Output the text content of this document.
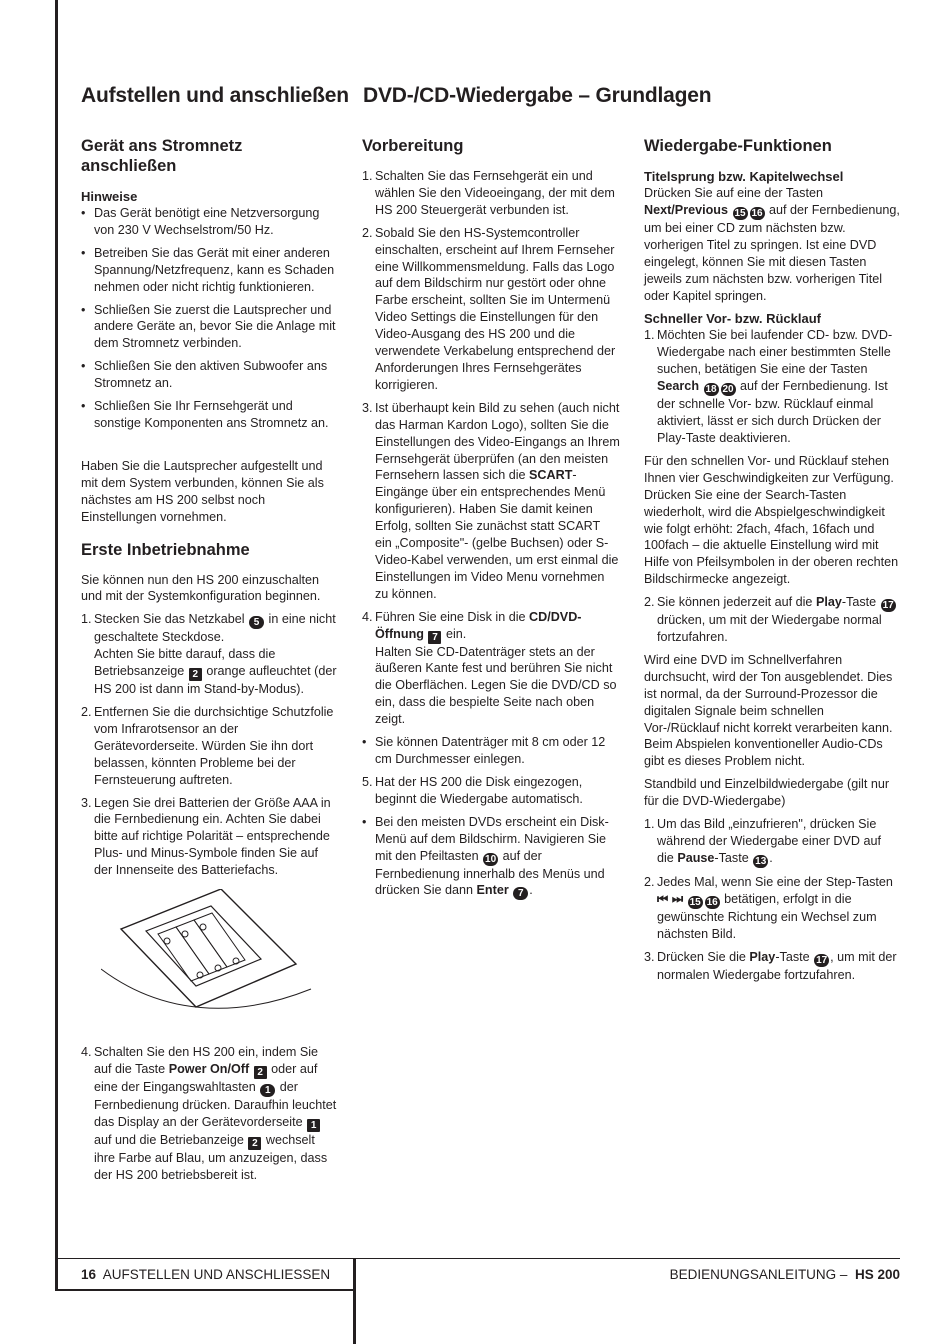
Aufstellen und anschließen DVD-/CD-Wiedergabe – Grundlagen
Gerät ans Stromnetz anschließen
Hinweise
• Das Gerät benötigt eine Netzversorgung von 230 V Wechselstrom/50 Hz.
• Betreiben Sie das Gerät mit einer anderen Spannung/Netzfrequenz, kann es Schaden nehmen oder nicht richtig funktionieren.
• Schließen Sie zuerst die Lautsprecher und andere Geräte an, bevor Sie die Anlage mit dem Stromnetz verbinden.
• Schließen Sie den aktiven Subwoofer ans Stromnetz an.
• Schließen Sie Ihr Fernsehgerät und sonstige Komponenten ans Stromnetz an.

Haben Sie die Lautsprecher aufgestellt und mit dem System verbunden, können Sie als nächstes am HS 200 selbst noch Einstellungen vornehmen.

Erste Inbetriebnahme

Sie können nun den HS 200 einzuschalten und mit der Systemkonfiguration beginnen.

1. Stecken Sie das Netzkabel 5 in eine nicht geschaltete Steckdose.
Achten Sie bitte darauf, dass die Betriebsanzeige 2 orange aufleuchtet (der HS 200 ist dann im Stand-by-Modus).
2. Entfernen Sie die durchsichtige Schutzfolie vom Infrarotsensor an der Gerätevorderseite. Würden Sie ihn dort belassen, könnten Probleme bei der Fernsteuerung auftreten.
3. Legen Sie drei Batterien der Größe AAA in die Fernbedienung ein. Achten Sie dabei bitte auf richtige Polarität – entsprechende Plus- und Minus-Symbole finden Sie auf der Innenseite des Batteriefachs.
4. Schalten Sie den HS 200 ein, indem Sie auf die Taste Power On/Off 2 oder auf eine der Eingangswahltasten 1 der Fernbedienung drücken. Daraufhin leuchtet das Display an der Gerätevorderseite 1 auf und die Betriebanzeige 2 wechselt ihre Farbe auf Blau, um anzuzeigen, dass der HS 200 betriebsbereit ist.
Vorbereitung
1. Schalten Sie das Fernsehgerät ein und wählen Sie den Videoeingang, der mit dem HS 200 Steuergerät verbunden ist.
2. Sobald Sie den HS-Systemcontroller einschalten, erscheint auf Ihrem Fernseher eine Willkommensmeldung. Falls das Logo auf dem Bildschirm nur gestört oder ohne Farbe erscheint, sollten Sie im Untermenü Video Settings die Einstellungen für den Video-Ausgang des HS 200 und die verwendete Verkabelung entsprechend der Anforderungen Ihres Fernsehgerätes korrigieren.
3. Ist überhaupt kein Bild zu sehen (auch nicht das Harman Kardon Logo), sollten Sie die Einstellungen des Video-Eingangs an Ihrem Fernsehgerät überprüfen (an den meisten Fernsehern lassen sich die SCART-Eingänge über ein entsprechendes Menü konfigurieren). Haben Sie damit keinen Erfolg, sollten Sie zunächst statt SCART ein „Composite"- (gelbe Buchsen) oder S-Video-Kabel verwenden, um erst einmal die Einstellungen im Video Menu vornehmen zu können.
4. Führen Sie eine Disk in die CD/DVD-Öffnung 7 ein.
Halten Sie CD-Datenträger stets an der äußeren Kante fest und berühren Sie nicht die Oberflächen. Legen Sie die DVD/CD so ein, dass die bespielte Seite nach oben zeigt.
• Sie können Datenträger mit 8 cm oder 12 cm Durchmesser einlegen.
5. Hat der HS 200 die Disk eingezogen, beginnt die Wiedergabe automatisch.
• Bei den meisten DVDs erscheint ein Disk-Menü auf dem Bildschirm. Navigieren Sie mit den Pfeiltasten 10 auf der Fernbedienung innerhalb des Menüs und drücken Sie dann Enter 7 .
Wiedergabe-Funktionen
Titelsprung bzw. Kapitelwechsel

Drücken Sie auf eine der Tasten Next/Previous 15 16 auf der Fernbedienung, um bei einer CD zum nächsten bzw. vorherigen Titel zu springen. Ist eine DVD eingelegt, können Sie mit diesen Tasten jeweils zum nächsten bzw. vorherigen Titel oder Kapitel springen.

Schneller Vor- bzw. Rücklauf
1. Möchten Sie bei laufender CD- bzw. DVD-Wiedergabe nach einer bestimmten Stelle suchen, betätigen Sie eine der Tasten Search 18 20 auf der Fernbedienung. Ist der schnelle Vor- bzw. Rücklauf einmal aktiviert, lässt er sich durch Drücken der Play-Taste deaktivieren.

Für den schnellen Vor- und Rücklauf stehen Ihnen vier Geschwindigkeiten zur Verfügung. Drücken Sie eine der Search-Tasten wiederholt, wird die Abspielgeschwindigkeit wie folgt erhöht: 2fach, 4fach, 16fach und 100fach – die aktuelle Einstellung wird mit Hilfe von Pfeilsymbolen in der oberen rechten Bildschirmecke angezeigt.

2. Sie können jederzeit auf die Play-Taste 17 drücken, um mit der Wiedergabe normal fortzufahren.

Wird eine DVD im Schnellverfahren durchsucht, wird der Ton ausgeblendet. Dies ist normal, da der Surround-Prozessor die digitalen Signale beim schnellen Vor-/Rücklauf nicht korrekt verarbeiten kann. Beim Abspielen konventioneller Audio-CDs gibt es dieses Problem nicht.

Standbild und Einzelbildwiedergabe (gilt nur für die DVD-Wiedergabe)

1. Um das Bild „einzufrieren", drücken Sie während der Wiedergabe einer DVD auf die Pause-Taste 13 .
2. Jedes Mal, wenn Sie eine der Step-Tasten ⏮ ⏭ 15 16 betätigen, erfolgt in die gewünschte Richtung ein Wechsel zum nächsten Bild.
3. Drücken Sie die Play-Taste 17 , um mit der normalen Wiedergabe fortzufahren.
16 AUFSTELLEN UND ANSCHLIESSEN	BEDIENUNGSANLEITUNG – HS 200
